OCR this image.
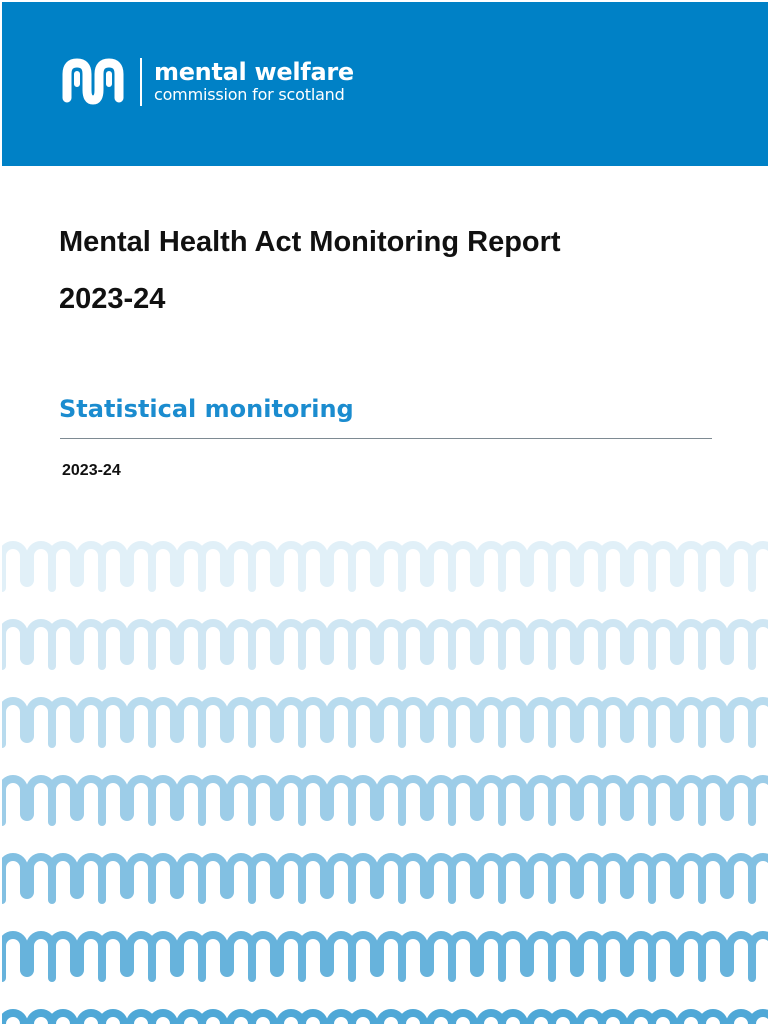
mental welfare
commission for scotland
Mental Health Act Monitoring Report
2023-24
Statistical monitoring

2023-24
